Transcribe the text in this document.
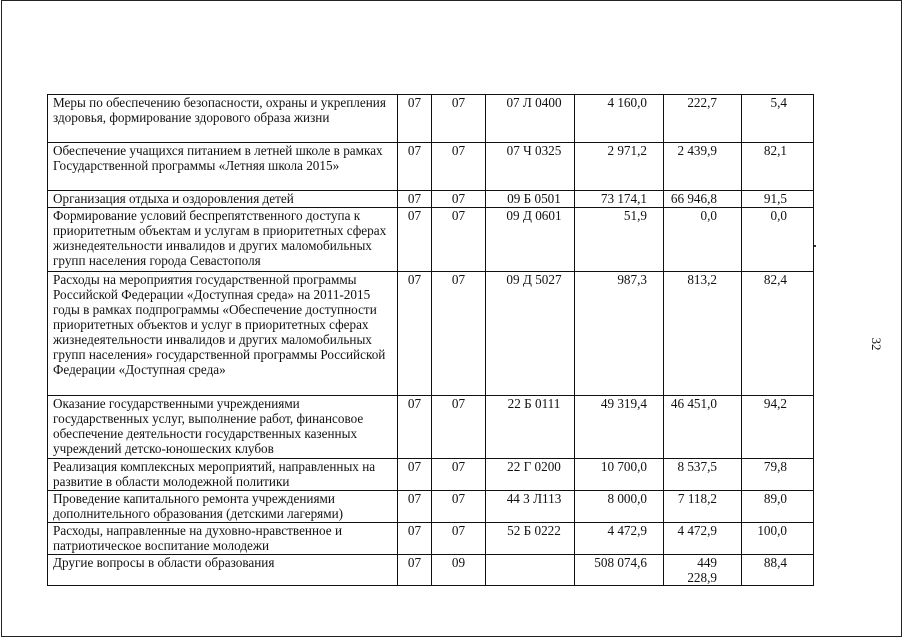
32
Меры по обеспечению безопасности, охраны и укрепления здоровья, формирование здорового образа жизни	07	07	07 Л 0400	4 160,0	222,7	5,4
Обеспечение учащихся питанием в летней школе в рамках Государственной программы «Летняя школа 2015»	07	07	07 Ч 0325	2 971,2	2 439,9	82,1
Организация отдыха и оздоровления детей	07	07	09 Б 0501	73 174,1	66 946,8	91,5
Формирование условий беспрепятственного доступа к приоритетным объектам и услугам в приоритетных сферах жизнедеятельности инвалидов и других маломобильных групп населения города Севастополя	07	07	09 Д 0601	51,9	0,0	0,0
Расходы на мероприятия государственной программы Российской Федерации «Доступная среда» на 2011-2015 годы в рамках подпрограммы «Обеспечение доступности приоритетных объектов и услуг в приоритетных сферах жизнедеятельности инвалидов и других маломобильных групп населения» государственной программы Российской Федерации «Доступная среда»	07	07	09 Д 5027	987,3	813,2	82,4
Оказание государственными учреждениями государственных услуг, выполнение работ, финансовое обеспечение деятельности государственных казенных учреждений детско-юношеских клубов	07	07	22 Б 0111	49 319,4	46 451,0	94,2
Реализация комплексных мероприятий, направленных на развитие в области молодежной политики	07	07	22 Г 0200	10 700,0	8 537,5	79,8
Проведение капитального ремонта учреждениями дополнительного образования (детскими лагерями)	07	07	44 3 Л113	8 000,0	7 118,2	89,0
Расходы, направленные на духовно-нравственное и патриотическое воспитание молодежи	07	07	52 Б 0222	4 472,9	4 472,9	100,0
Другие вопросы в области образования	07	09		508 074,6	449 228,9	88,4
